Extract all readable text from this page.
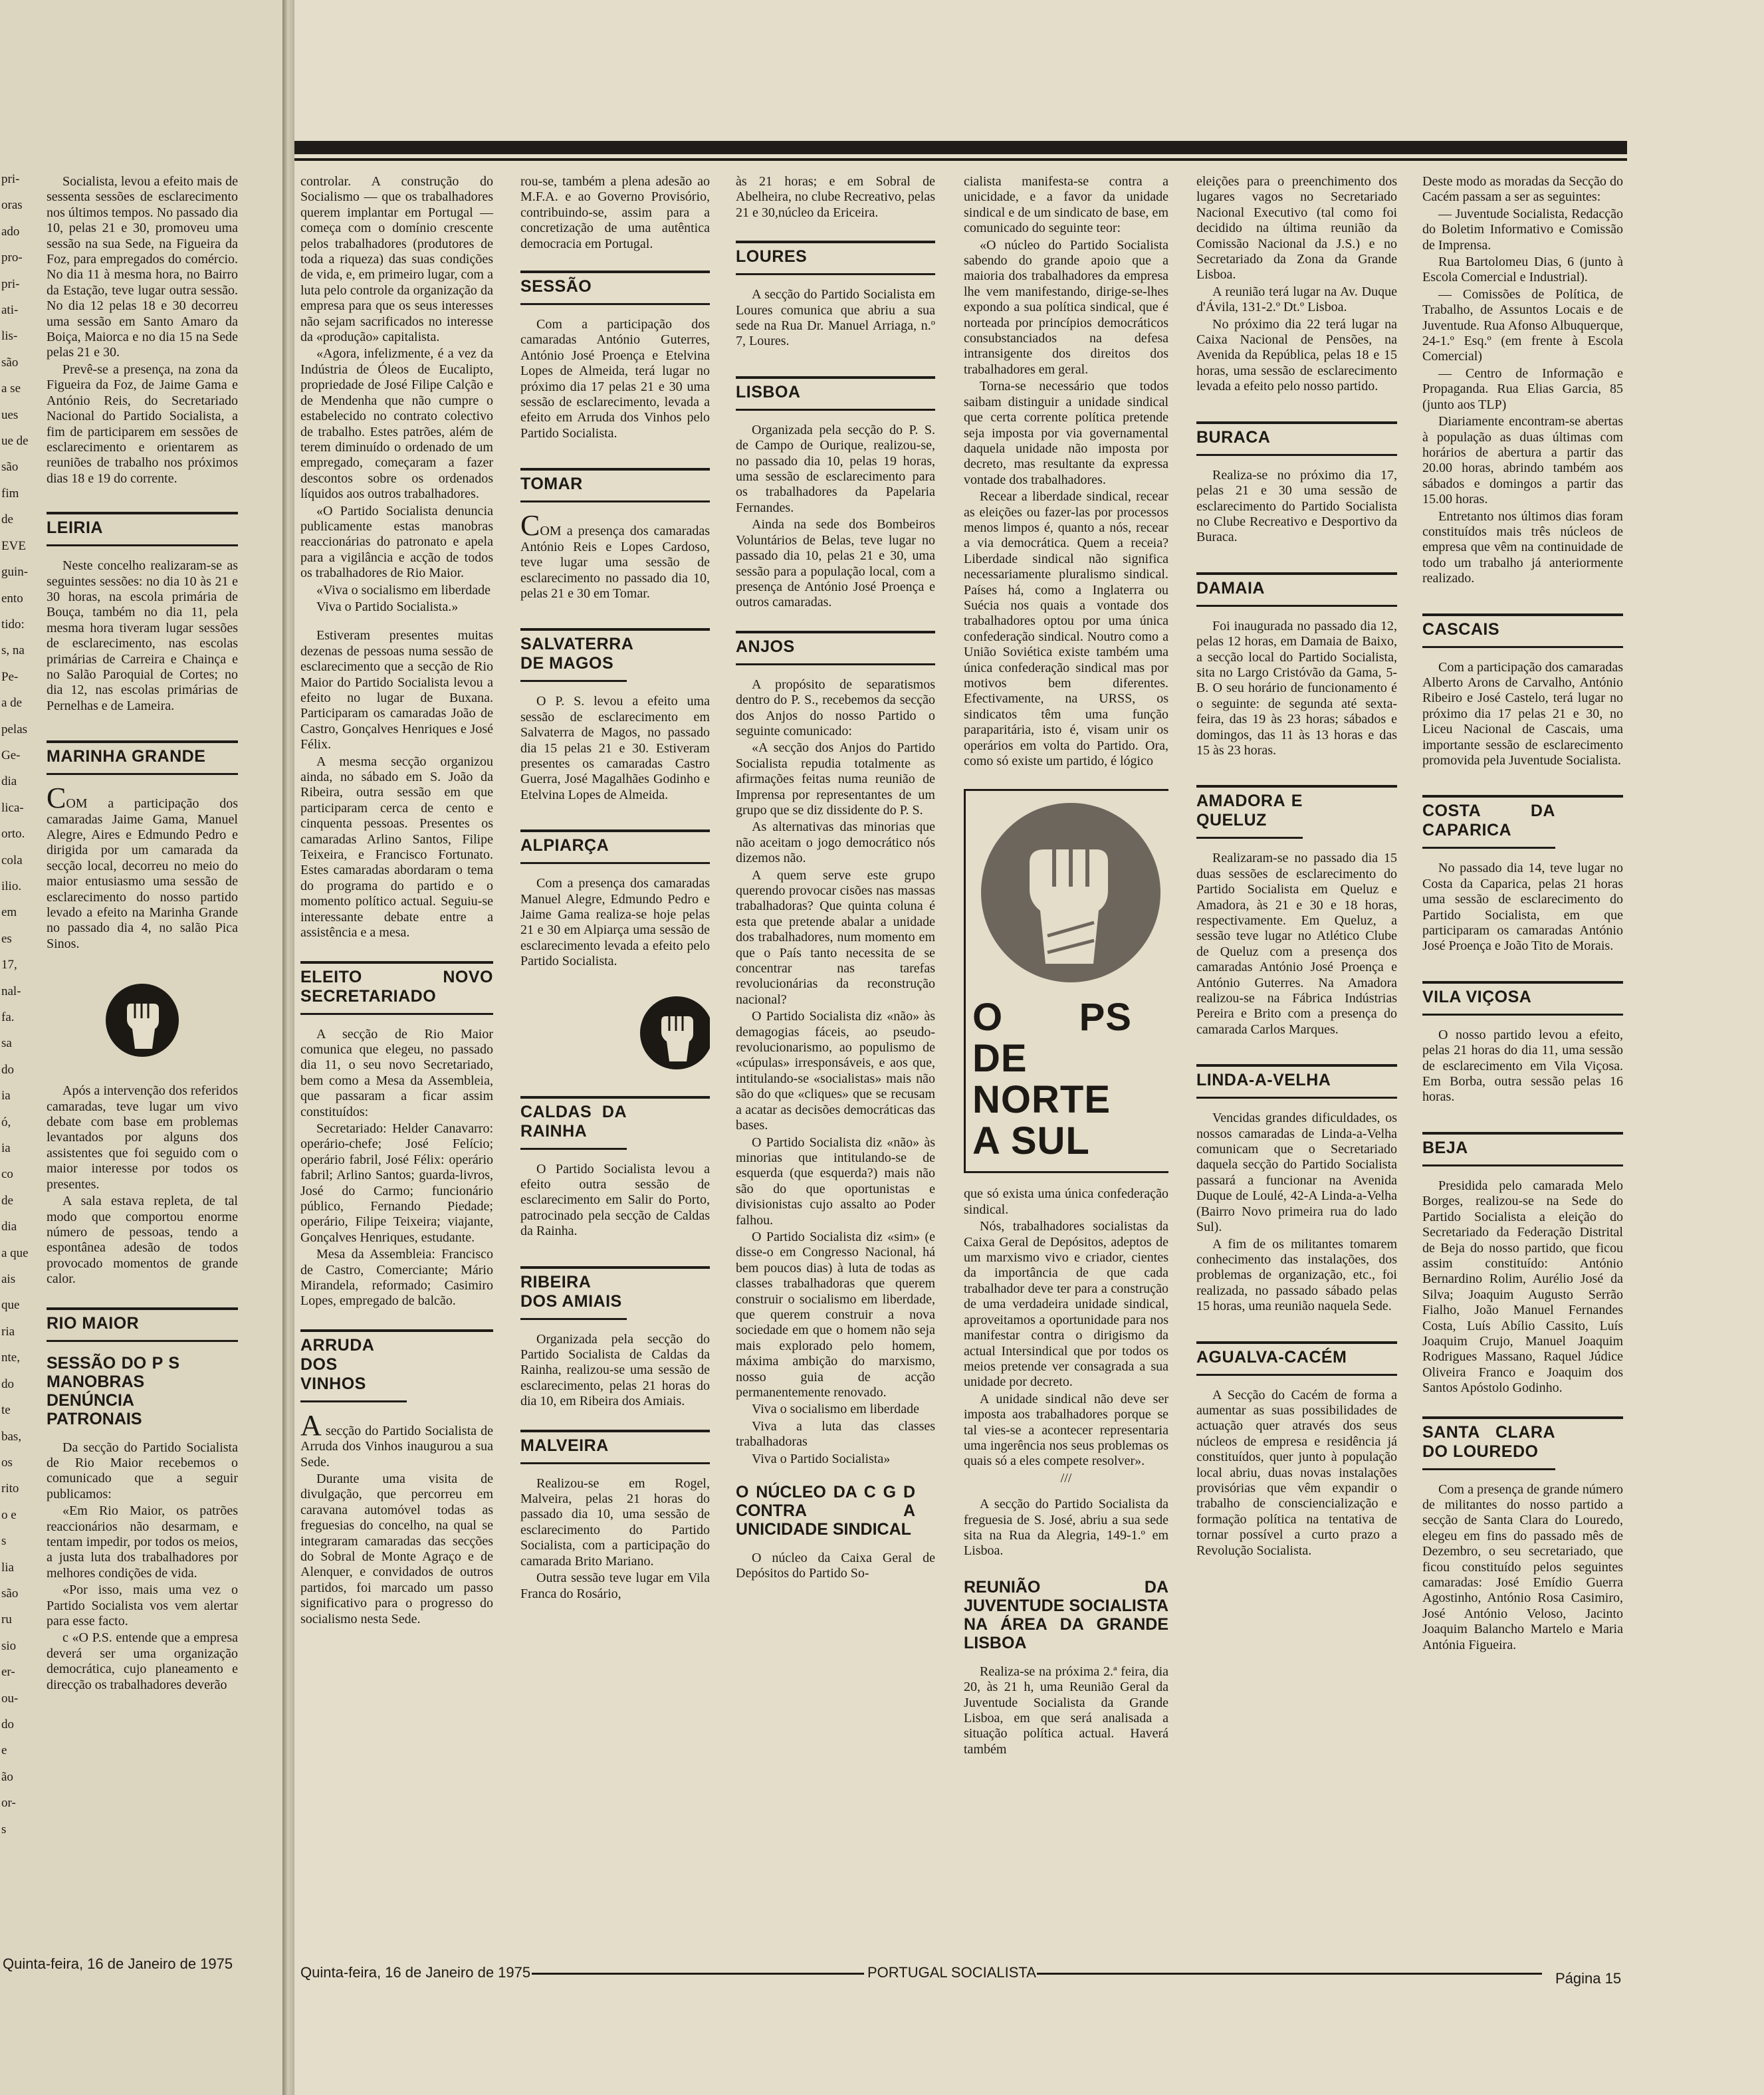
pri-
oras
ado
pro-
pri-
ati-
lis-
são
a se
ues
ue de
são
fim
de
EVE
guin-
ento
tido:
s, na
Pe-
a de
pelas
Ge-
dia
lica-
orto.
cola
ilio.
em
es
17,
nal-
fa.
sa
do
ia
ó,
ia
co
de
dia
a que
ais
que
ria
nte,
do
te
bas,
os
rito
o e
s
lia
são
ru
sio
er-
ou-
do
e
ão
or-
s

Socialista, levou a efeito mais de sessenta sessões de esclarecimento nos últimos tempos. No passado dia 10, pelas 21 e 30, promoveu uma sessão na sua Sede, na Figueira da Foz, para empregados do comércio. No dia 11 à mesma hora, no Bairro da Estação, teve lugar outra sessão. No dia 12 pelas 18 e 30 decorreu uma sessão em Santo Amaro da Boiça, Maiorca e no dia 15 na Sede pelas 21 e 30.

Prevê-se a presença, na zona da Figueira da Foz, de Jaime Gama e António Reis, do Secretariado Nacional do Partido Socialista, a fim de participarem em sessões de esclarecimento e orientarem as reuniões de trabalho nos próximos dias 18 e 19 do corrente.

LEIRIA

Neste concelho realizaram-se as seguintes sessões: no dia 10 às 21 e 30 horas, na escola primária de Bouça, também no dia 11, pela mesma hora tiveram lugar sessões de esclarecimento, nas escolas primárias de Carreira e Chainça e no Salão Paroquial de Cortes; no dia 12, nas escolas primárias de Pernelhas e de Lameira.

MARINHA GRANDE

COM a participação dos camaradas Jaime Gama, Manuel Alegre, Aires e Edmundo Pedro e dirigida por um camarada da secção local, decorreu no meio do maior entusiasmo uma sessão de esclarecimento do nosso partido levado a efeito na Marinha Grande no passado dia 4, no salão Pica Sinos.

Após a intervenção dos referidos camaradas, teve lugar um vivo debate com base em problemas levantados por alguns dos assistentes que foi seguido com o maior interesse por todos os presentes.

A sala estava repleta, de tal modo que comportou enorme número de pessoas, tendo a espontânea adesão de todos provocado momentos de grande calor.

RIO MAIOR
SESSÃO DO P S MANOBRAS DENÚNCIA PATRONAIS

Da secção do Partido Socialista de Rio Maior recebemos o comunicado que a seguir publicamos:

«Em Rio Maior, os patrões reaccionários não desarmam, e tentam impedir, por todos os meios, a justa luta dos trabalhadores por melhores condições de vida.

«Por isso, mais uma vez o Partido Socialista vos vem alertar para esse facto.

c «O P.S. entende que a empresa deverá ser uma organização democrática, cujo planeamento e direcção os trabalhadores deverão

Quinta-feira, 16 de Janeiro de 1975

controlar. A construção do Socialismo — que os trabalhadores querem implantar em Portugal — começa com o domínio crescente pelos trabalhadores (produtores de toda a riqueza) das suas condições de vida, e, em primeiro lugar, com a luta pelo controle da organização da empresa para que os seus interesses não sejam sacrificados no interesse da «produção» capitalista.

«Agora, infelizmente, é a vez da Indústria de Óleos de Eucalipto, propriedade de José Filipe Calção e de Mendenha que não cumpre o estabelecido no contrato colectivo de trabalho. Estes patrões, além de terem diminuído o ordenado de um empregado, começaram a fazer descontos sobre os ordenados líquidos aos outros trabalhadores.

«O Partido Socialista denuncia publicamente estas manobras reaccionárias do patronato e apela para a vigilância e acção de todos os trabalhadores de Rio Maior.

«Viva o socialismo em liberdade

Viva o Partido Socialista.»

Estiveram presentes muitas dezenas de pessoas numa sessão de esclarecimento que a secção de Rio Maior do Partido Socialista levou a efeito no lugar de Buxana. Participaram os camaradas João de Castro, Gonçalves Henriques e José Félix.

A mesma secção organizou ainda, no sábado em S. João da Ribeira, outra sessão em que participaram cerca de cento e cinquenta pessoas. Presentes os camaradas Arlino Santos, Filipe Teixeira, e Francisco Fortunato. Estes camaradas abordaram o tema do programa do partido e o momento político actual. Seguiu-se interessante debate entre a assistência e a mesa.

ELEITO NOVO SECRETARIADO

A secção de Rio Maior comunica que elegeu, no passado dia 11, o seu novo Secretariado, bem como a Mesa da Assembleia, que passaram a ficar assim constituídos:

Secretariado: Helder Canavarro: operário-chefe; José Felício; operário fabril, José Félix: operário fabril; Arlino Santos; guarda-livros, José do Carmo; funcionário público, Fernando Piedade; operário, Filipe Teixeira; viajante, Gonçalves Henriques, estudante.

Mesa da Assembleia: Francisco de Castro, Comerciante; Mário Mirandela, reformado; Casimiro Lopes, empregado de balcão.

ARRUDA DOS VINHOS

A secção do Partido Socialista de Arruda dos Vinhos inaugurou a sua Sede.

Durante uma visita de divulgação, que percorreu em caravana automóvel todas as freguesias do concelho, na qual se integraram camaradas das secções do Sobral de Monte Agraço e de Alenquer, e convidados de outros partidos, foi marcado um passo significativo para o progresso do socialismo nesta Sede.

rou-se, também a plena adesão ao M.F.A. e ao Governo Provisório, contribuindo-se, assim para a concretização de uma autêntica democracia em Portugal.

SESSÃO

Com a participação dos camaradas António Guterres, António José Proença e Etelvina Lopes de Almeida, terá lugar no próximo dia 17 pelas 21 e 30 uma sessão de esclarecimento, levada a efeito em Arruda dos Vinhos pelo Partido Socialista.

TOMAR

COM a presença dos camaradas António Reis e Lopes Cardoso, teve lugar uma sessão de esclarecimento no passado dia 10, pelas 21 e 30 em Tomar.

SALVATERRA DE MAGOS

O P. S. levou a efeito uma sessão de esclarecimento em Salvaterra de Magos, no passado dia 15 pelas 21 e 30. Estiveram presentes os camaradas Castro Guerra, José Magalhães Godinho e Etelvina Lopes de Almeida.

ALPIARÇA

Com a presença dos camaradas Manuel Alegre, Edmundo Pedro e Jaime Gama realiza-se hoje pelas 21 e 30 em Alpiarça uma sessão de esclarecimento levada a efeito pelo Partido Socialista.

CALDAS DA RAINHA

O Partido Socialista levou a efeito outra sessão de esclarecimento em Salir do Porto, patrocinado pela secção de Caldas da Rainha.

RIBEIRA DOS AMIAIS

Organizada pela secção do Partido Socialista de Caldas da Rainha, realizou-se uma sessão de esclarecimento, pelas 21 horas do dia 10, em Ribeira dos Amiais.

MALVEIRA

Realizou-se em Rogel, Malveira, pelas 21 horas do passado dia 10, uma sessão de esclarecimento do Partido Socialista, com a participação do camarada Brito Mariano.

Outra sessão teve lugar em Vila Franca do Rosário,

às 21 horas; e em Sobral de Abelheira, no clube Recreativo, pelas 21 e 30,núcleo da Ericeira.

LOURES

A secção do Partido Socialista em Loures comunica que abriu a sua sede na Rua Dr. Manuel Arriaga, n.º 7, Loures.

LISBOA

Organizada pela secção do P. S. de Campo de Ourique, realizou-se, no passado dia 10, pelas 19 horas, uma sessão de esclarecimento para os trabalhadores da Papelaria Fernandes.

Ainda na sede dos Bombeiros Voluntários de Belas, teve lugar no passado dia 10, pelas 21 e 30, uma sessão para a população local, com a presença de António José Proença e outros camaradas.

ANJOS

A propósito de separatismos dentro do P. S., recebemos da secção dos Anjos do nosso Partido o seguinte comunicado:

«A secção dos Anjos do Partido Socialista repudia totalmente as afirmações feitas numa reunião de Imprensa por representantes de um grupo que se diz dissidente do P. S.

As alternativas das minorias que não aceitam o jogo democrático nós dizemos não.

A quem serve este grupo querendo provocar cisões nas massas trabalhadoras? Que quinta coluna é esta que pretende abalar a unidade dos trabalhadores, num momento em que o País tanto necessita de se concentrar nas tarefas revolucionárias da reconstrução nacional?

O Partido Socialista diz «não» às demagogias fáceis, ao pseudo-revolucionarismo, ao populismo de «cúpulas» irresponsáveis, e aos que, intitulando-se «socialistas» mais não são do que «cliques» que se recusam a acatar as decisões democráticas das bases.

O Partido Socialista diz «não» às minorias que intitulando-se de esquerda (que esquerda?) mais não são do que oportunistas e divisionistas cujo assalto ao Poder falhou.

O Partido Socialista diz «sim» (e disse-o em Congresso Nacional, há bem poucos dias) à luta de todas as classes trabalhadoras que querem construir o socialismo em liberdade, que querem construir a nova sociedade em que o homem não seja mais explorado pelo homem, máxima ambição do marxismo, nosso guia de acção permanentemente renovado.

Viva o socialismo em liberdade

Viva a luta das classes trabalhadoras

Viva o Partido Socialista»

O NÚCLEO DA C G D CONTRA A UNICIDADE SINDICAL

O núcleo da Caixa Geral de Depósitos do Partido So-

cialista manifesta-se contra a unicidade, e a favor da unidade sindical e de um sindicato de base, em comunicado do seguinte teor:

«O núcleo do Partido Socialista sabendo do grande apoio que a maioria dos trabalhadores da empresa lhe vem manifestando, dirige-se-lhes expondo a sua política sindical, que é norteada por princípios democráticos consubstanciados na defesa intransigente dos direitos dos trabalhadores em geral.

Torna-se necessário que todos saibam distinguir a unidade sindical que certa corrente política pretende seja imposta por via governamental daquela unidade não imposta por decreto, mas resultante da expressa vontade dos trabalhadores.

Recear a liberdade sindical, recear as eleições ou fazer-las por processos menos limpos é, quanto a nós, recear a via democrática. Quem a receia? Liberdade sindical não significa necessariamente pluralismo sindical. Países há, como a Inglaterra ou Suécia nos quais a vontade dos trabalhadores optou por uma única confederação sindical. Noutro como a União Soviética existe também uma única confederação sindical mas por motivos bem diferentes. Efectivamente, na URSS, os sindicatos têm uma função paraparitária, isto é, visam unir os operários em volta do Partido. Ora, como só existe um partido, é lógico

O PS DE NORTE A SUL

que só exista uma única confederação sindical.

Nós, trabalhadores socialistas da Caixa Geral de Depósitos, adeptos de um marxismo vivo e criador, cientes da importância de que cada trabalhador deve ter para a construção de uma verdadeira unidade sindical, aproveitamos a oportunidade para nos manifestar contra o dirigismo da actual Intersindical que por todos os meios pretende ver consagrada a sua unidade por decreto.

A unidade sindical não deve ser imposta aos trabalhadores porque se tal vies-se a acontecer representaria uma ingerência nos seus problemas os quais só a eles compete resolver».

///

A secção do Partido Socialista da freguesia de S. José, abriu a sua sede sita na Rua da Alegria, 149-1.º em Lisboa.

REUNIÃO DA JUVENTUDE SOCIALISTA NA ÁREA DA GRANDE LISBOA

Realiza-se na próxima 2.ª feira, dia 20, às 21 h, uma Reunião Geral da Juventude Socialista da Grande Lisboa, em que será analisada a situação política actual. Haverá também

eleições para o preenchimento dos lugares vagos no Secretariado Nacional Executivo (tal como foi decidido na última reunião da Comissão Nacional da J.S.) e no Secretariado da Zona da Grande Lisboa.

A reunião terá lugar na Av. Duque d'Ávila, 131-2.º Dt.º Lisboa.

No próximo dia 22 terá lugar na Caixa Nacional de Pensões, na Avenida da República, pelas 18 e 15 horas, uma sessão de esclarecimento levada a efeito pelo nosso partido.

BURACA

Realiza-se no próximo dia 17, pelas 21 e 30 uma sessão de esclarecimento do Partido Socialista no Clube Recreativo e Desportivo da Buraca.

DAMAIA

Foi inaugurada no passado dia 12, pelas 12 horas, em Damaia de Baixo, a secção local do Partido Socialista, sita no Largo Cristóvão da Gama, 5-B. O seu horário de funcionamento é o seguinte: de segunda até sexta-feira, das 19 às 23 horas; sábados e domingos, das 11 às 13 horas e das 15 às 23 horas.

AMADORA E QUELUZ

Realizaram-se no passado dia 15 duas sessões de esclarecimento do Partido Socialista em Queluz e Amadora, às 21 e 30 e 18 horas, respectivamente. Em Queluz, a sessão teve lugar no Atlético Clube de Queluz com a presença dos camaradas António José Proença e António Guterres. Na Amadora realizou-se na Fábrica Indústrias Pereira e Brito com a presença do camarada Carlos Marques.

LINDA-A-VELHA

Vencidas grandes dificuldades, os nossos camaradas de Linda-a-Velha comunicam que o Secretariado daquela secção do Partido Socialista passará a funcionar na Avenida Duque de Loulé, 42-A Linda-a-Velha (Bairro Novo primeira rua do lado Sul).

A fim de os militantes tomarem conhecimento das instalações, dos problemas de organização, etc., foi realizada, no passado sábado pelas 15 horas, uma reunião naquela Sede.

AGUALVA-CACÉM

A Secção do Cacém de forma a aumentar as suas possibilidades de actuação quer através dos seus núcleos de empresa e residência já constituídos, quer junto à população local abriu, duas novas instalações provisórias que vêm expandir o trabalho de consciencialização e formação política na tentativa de tornar possível a curto prazo a Revolução Socialista.

Deste modo as moradas da Secção do Cacém passam a ser as seguintes:

— Juventude Socialista, Redacção do Boletim Informativo e Comissão de Imprensa.

Rua Bartolomeu Dias, 6 (junto à Escola Comercial e Industrial).

— Comissões de Política, de Trabalho, de Assuntos Locais e de Juventude. Rua Afonso Albuquerque, 24-1.º Esq.º (em frente à Escola Comercial)

— Centro de Informação e Propaganda. Rua Elias Garcia, 85 (junto aos TLP)

Diariamente encontram-se abertas à população as duas últimas com horários de abertura a partir das 20.00 horas, abrindo também aos sábados e domingos a partir das 15.00 horas.

Entretanto nos últimos dias foram constituídos mais três núcleos de empresa que vêm na continuidade de todo um trabalho já anteriormente realizado.

CASCAIS

Com a participação dos camaradas Alberto Arons de Carvalho, António Ribeiro e José Castelo, terá lugar no próximo dia 17 pelas 21 e 30, no Liceu Nacional de Cascais, uma importante sessão de esclarecimento promovida pela Juventude Socialista.

COSTA DA CAPARICA

No passado dia 14, teve lugar no Costa da Caparica, pelas 21 horas uma sessão de esclarecimento do Partido Socialista, em que participaram os camaradas António José Proença e João Tito de Morais.

VILA VIÇOSA

O nosso partido levou a efeito, pelas 21 horas do dia 11, uma sessão de esclarecimento em Vila Viçosa. Em Borba, outra sessão pelas 16 horas.

BEJA

Presidida pelo camarada Melo Borges, realizou-se na Sede do Partido Socialista a eleição do Secretariado da Federação Distrital de Beja do nosso partido, que ficou assim constituído: António Bernardino Rolim, Aurélio José da Silva; Joaquim Augusto Serrão Fialho, João Manuel Fernandes Costa, Luís Abílio Cassito, Luís Joaquim Crujo, Manuel Joaquim Rodrigues Massano, Raquel Júdice Oliveira Franco e Joaquim dos Santos Apóstolo Godinho.

SANTA CLARA DO LOUREDO

Com a presença de grande número de militantes do nosso partido a secção de Santa Clara do Louredo, elegeu em fins do passado mês de Dezembro, o seu secretariado, que ficou constituído pelos seguintes camaradas: José Emídio Guerra Agostinho, António Rosa Casimiro, José António Veloso, Jacinto Joaquim Balancho Martelo e Maria Antónia Figueira.

Quinta-feira, 16 de Janeiro de 1975	PORTUGAL SOCIALISTA	Página 15
